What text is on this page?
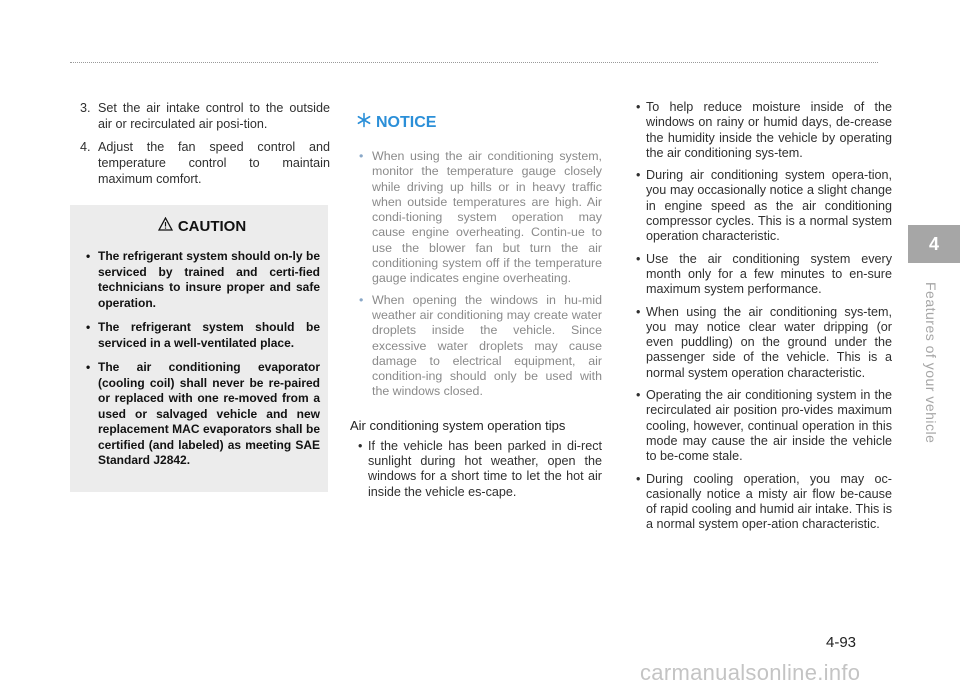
3. Set the air intake control to the outside air or recirculated air posi-tion.
4. Adjust the fan speed control and temperature control to maintain maximum comfort.
CAUTION
• The refrigerant system should on-ly be serviced by trained and certi-fied technicians to insure proper and safe operation.
• The refrigerant system should be serviced in a well-ventilated place.
• The air conditioning evaporator (cooling coil) shall never be re-paired or replaced with one re-moved from a used or salvaged vehicle and new replacement MAC evaporators shall be certified (and labeled) as meeting SAE Standard J2842.
NOTICE
• When using the air conditioning system, monitor the temperature gauge closely while driving up hills or in heavy traffic when outside temperatures are high. Air condi-tioning system operation may cause engine overheating. Contin-ue to use the blower fan but turn the air conditioning system off if the temperature gauge indicates engine overheating.
• When opening the windows in hu-mid weather air conditioning may create water droplets inside the vehicle. Since excessive water droplets may cause damage to electrical equipment, air condition-ing should only be used with the windows closed.
Air conditioning system operation tips
• If the vehicle has been parked in di-rect sunlight during hot weather, open the windows for a short time to let the hot air inside the vehicle es-cape.
• To help reduce moisture inside of the windows on rainy or humid days, de-crease the humidity inside the vehicle by operating the air conditioning sys-tem.
• During air conditioning system opera-tion, you may occasionally notice a slight change in engine speed as the air conditioning compressor cycles. This is a normal system operation characteristic.
• Use the air conditioning system every month only for a few minutes to en-sure maximum system performance.
• When using the air conditioning sys-tem, you may notice clear water dripping (or even puddling) on the ground under the passenger side of the vehicle. This is a normal system operation characteristic.
• Operating the air conditioning system in the recirculated air position pro-vides maximum cooling, however, continual operation in this mode may cause the air inside the vehicle to be-come stale.
• During cooling operation, you may oc-casionally notice a misty air flow be-cause of rapid cooling and humid air intake. This is a normal system oper-ation characteristic.
4
Features of your vehicle
4-93
carmanualsonline.info
